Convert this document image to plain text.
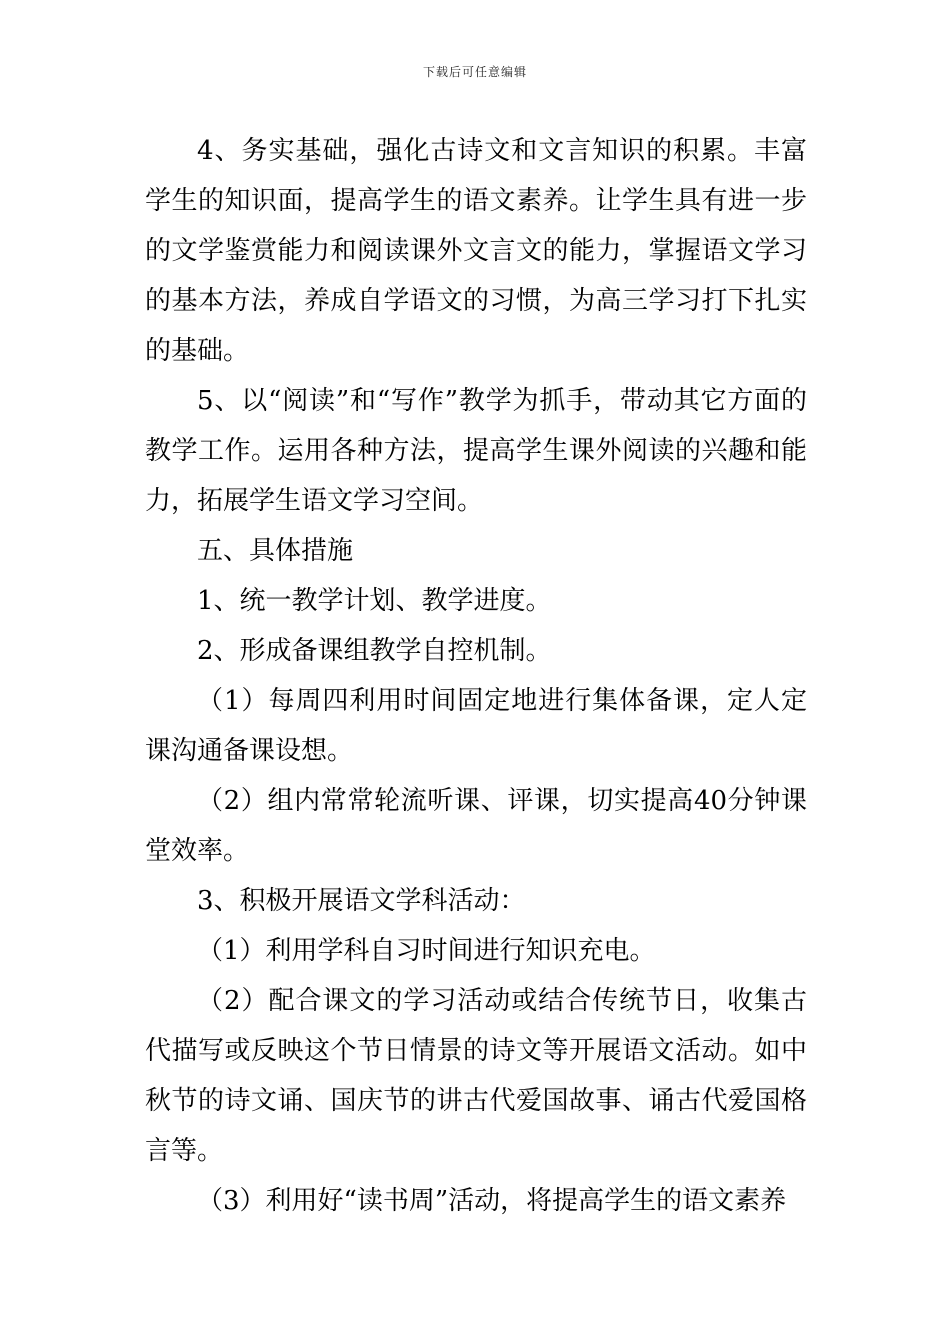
下载后可任意编辑

4、务实基础，强化古诗文和文言知识的积累。丰富学生的知识面，提高学生的语文素养。让学生具有进一步的文学鉴赏能力和阅读课外文言文的能力，掌握语文学习的基本方法，养成自学语文的习惯，为高三学习打下扎实的基础。

5、以“阅读”和“写作”教学为抓手，带动其它方面的教学工作。运用各种方法，提高学生课外阅读的兴趣和能力，拓展学生语文学习空间。

五、具体措施

1、统一教学计划、教学进度。

2、形成备课组教学自控机制。

（1）每周四利用时间固定地进行集体备课，定人定课沟通备课设想。

（2）组内常常轮流听课、评课，切实提高40分钟课堂效率。

3、积极开展语文学科活动：

（1）利用学科自习时间进行知识充电。

（2）配合课文的学习活动或结合传统节日，收集古代描写或反映这个节日情景的诗文等开展语文活动。如中秋节的诗文诵、国庆节的讲古代爱国故事、诵古代爱国格言等。

（3）利用好“读书周”活动，将提高学生的语文素养
